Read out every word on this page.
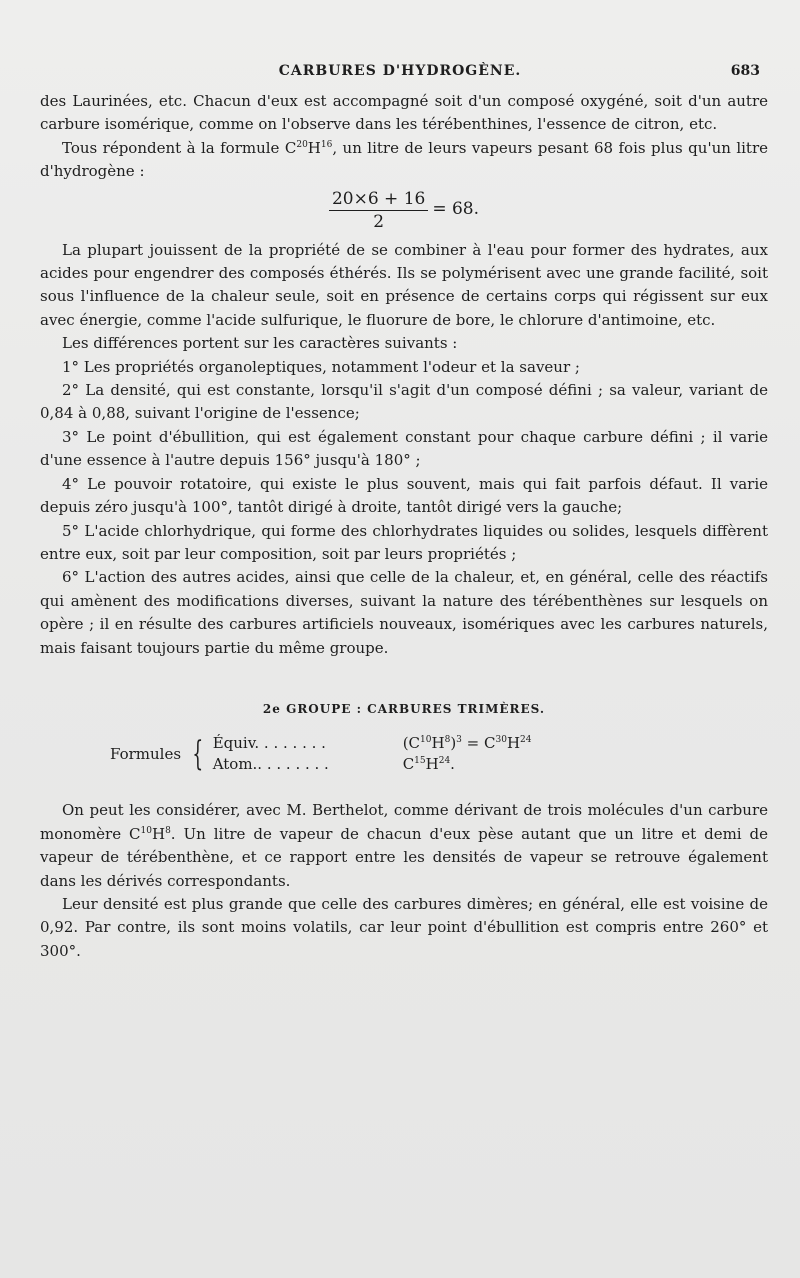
CARBURES D'HYDROGÈNE.	683

des Laurinées, etc. Chacun d'eux est accompagné soit d'un composé oxygéné, soit d'un autre carbure isomérique, comme on l'observe dans les térébenthines, l'essence de citron, etc.

Tous répondent à la formule $C^{20}H^{16}$, un litre de leurs vapeurs pesant 68 fois plus qu'un litre d'hydrogène :

$\frac{20\times 6 + 16}{2} = 68$.

La plupart jouissent de la propriété de se combiner à l'eau pour former des hydrates, aux acides pour engendrer des composés éthérés. Ils se polymérisent avec une grande facilité, soit sous l'influence de la chaleur seule, soit en présence de certains corps qui régissent sur eux avec énergie, comme l'acide sulfurique, le fluorure de bore, le chlorure d'antimoine, etc.

Les différences portent sur les caractères suivants :

1° Les propriétés organoleptiques, notamment l'odeur et la saveur ;

2° La densité, qui est constante, lorsqu'il s'agit d'un composé défini ; sa valeur, variant de 0,84 à 0,88, suivant l'origine de l'essence;

3° Le point d'ébullition, qui est également constant pour chaque carbure défini ; il varie d'une essence à l'autre depuis 156° jusqu'à 180° ;

4° Le pouvoir rotatoire, qui existe le plus souvent, mais qui fait parfois défaut. Il varie depuis zéro jusqu'à 100°, tantôt dirigé à droite, tantôt dirigé vers la gauche;

5° L'acide chlorhydrique, qui forme des chlorhydrates liquides ou solides, lesquels diffèrent entre eux, soit par leur composition, soit par leurs propriétés ;

6° L'action des autres acides, ainsi que celle de la chaleur, et, en général, celle des réactifs qui amènent des modifications diverses, suivant la nature des térébenthènes sur lesquels on opère ; il en résulte des carbures artificiels nouveaux, isomériques avec les carbures naturels, mais faisant toujours partie du même groupe.

2e GROUPE : CARBURES TRIMÈRES.
Formules { Équiv. . . . . . . .	$(C^{10}H^8)^3 = C^{30}H^{24}$
Atom.. . . . . . . .	$C^{15}H^{24}$.

On peut les considérer, avec M. Berthelot, comme dérivant de trois molécules d'un carbure monomère $C^{10}H^8$. Un litre de vapeur de chacun d'eux pèse autant que un litre et demi de vapeur de térébenthène, et ce rapport entre les densités de vapeur se retrouve également dans les dérivés correspondants.

Leur densité est plus grande que celle des carbures dimères; en général, elle est voisine de 0,92. Par contre, ils sont moins volatils, car leur point d'ébullition est compris entre 260° et 300°.
